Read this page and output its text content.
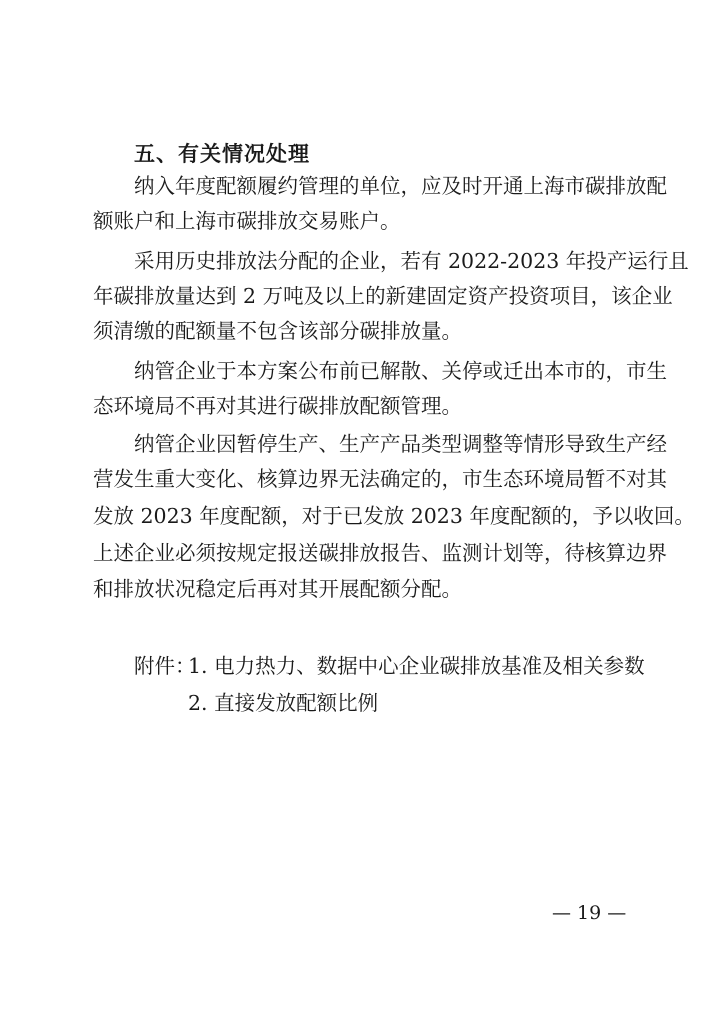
五、有关情况处理
纳入年度配额履约管理的单位，应及时开通上海市碳排放配
额账户和上海市碳排放交易账户。
采用历史排放法分配的企业，若有 2022-2023 年投产运行且
年碳排放量达到 2 万吨及以上的新建固定资产投资项目，该企业
须清缴的配额量不包含该部分碳排放量。
纳管企业于本方案公布前已解散、关停或迁出本市的，市生
态环境局不再对其进行碳排放配额管理。
纳管企业因暂停生产、生产产品类型调整等情形导致生产经
营发生重大变化、核算边界无法确定的，市生态环境局暂不对其
发放 2023 年度配额，对于已发放 2023 年度配额的，予以收回。
上述企业必须按规定报送碳排放报告、监测计划等，待核算边界
和排放状况稳定后再对其开展配额分配。
附件：
1. 电力热力、数据中心企业碳排放基准及相关参数
2. 直接发放配额比例
— 19 —
